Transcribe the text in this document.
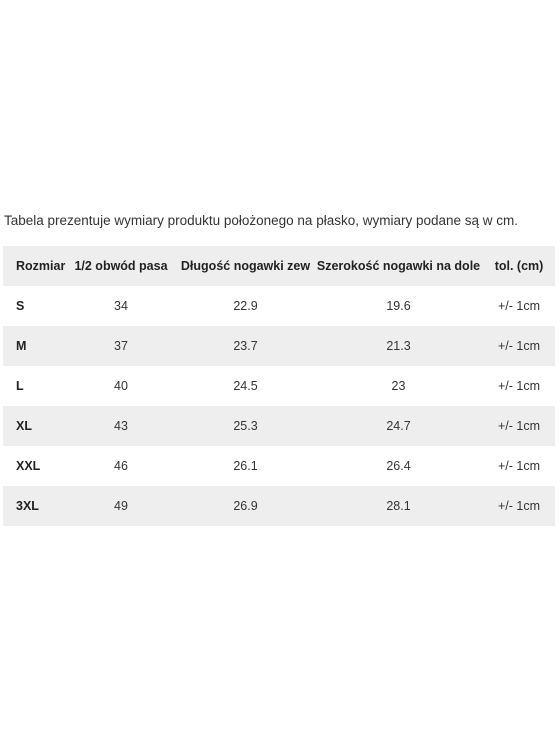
Tabela prezentuje wymiary produktu położonego na płasko, wymiary podane są w cm.
Rozmiar	1/2 obwód pasa	Długość nogawki zew	Szerokość nogawki na dole	tol. (cm)
S	34	22.9	19.6	+/- 1cm
M	37	23.7	21.3	+/- 1cm
L	40	24.5	23	+/- 1cm
XL	43	25.3	24.7	+/- 1cm
XXL	46	26.1	26.4	+/- 1cm
3XL	49	26.9	28.1	+/- 1cm
